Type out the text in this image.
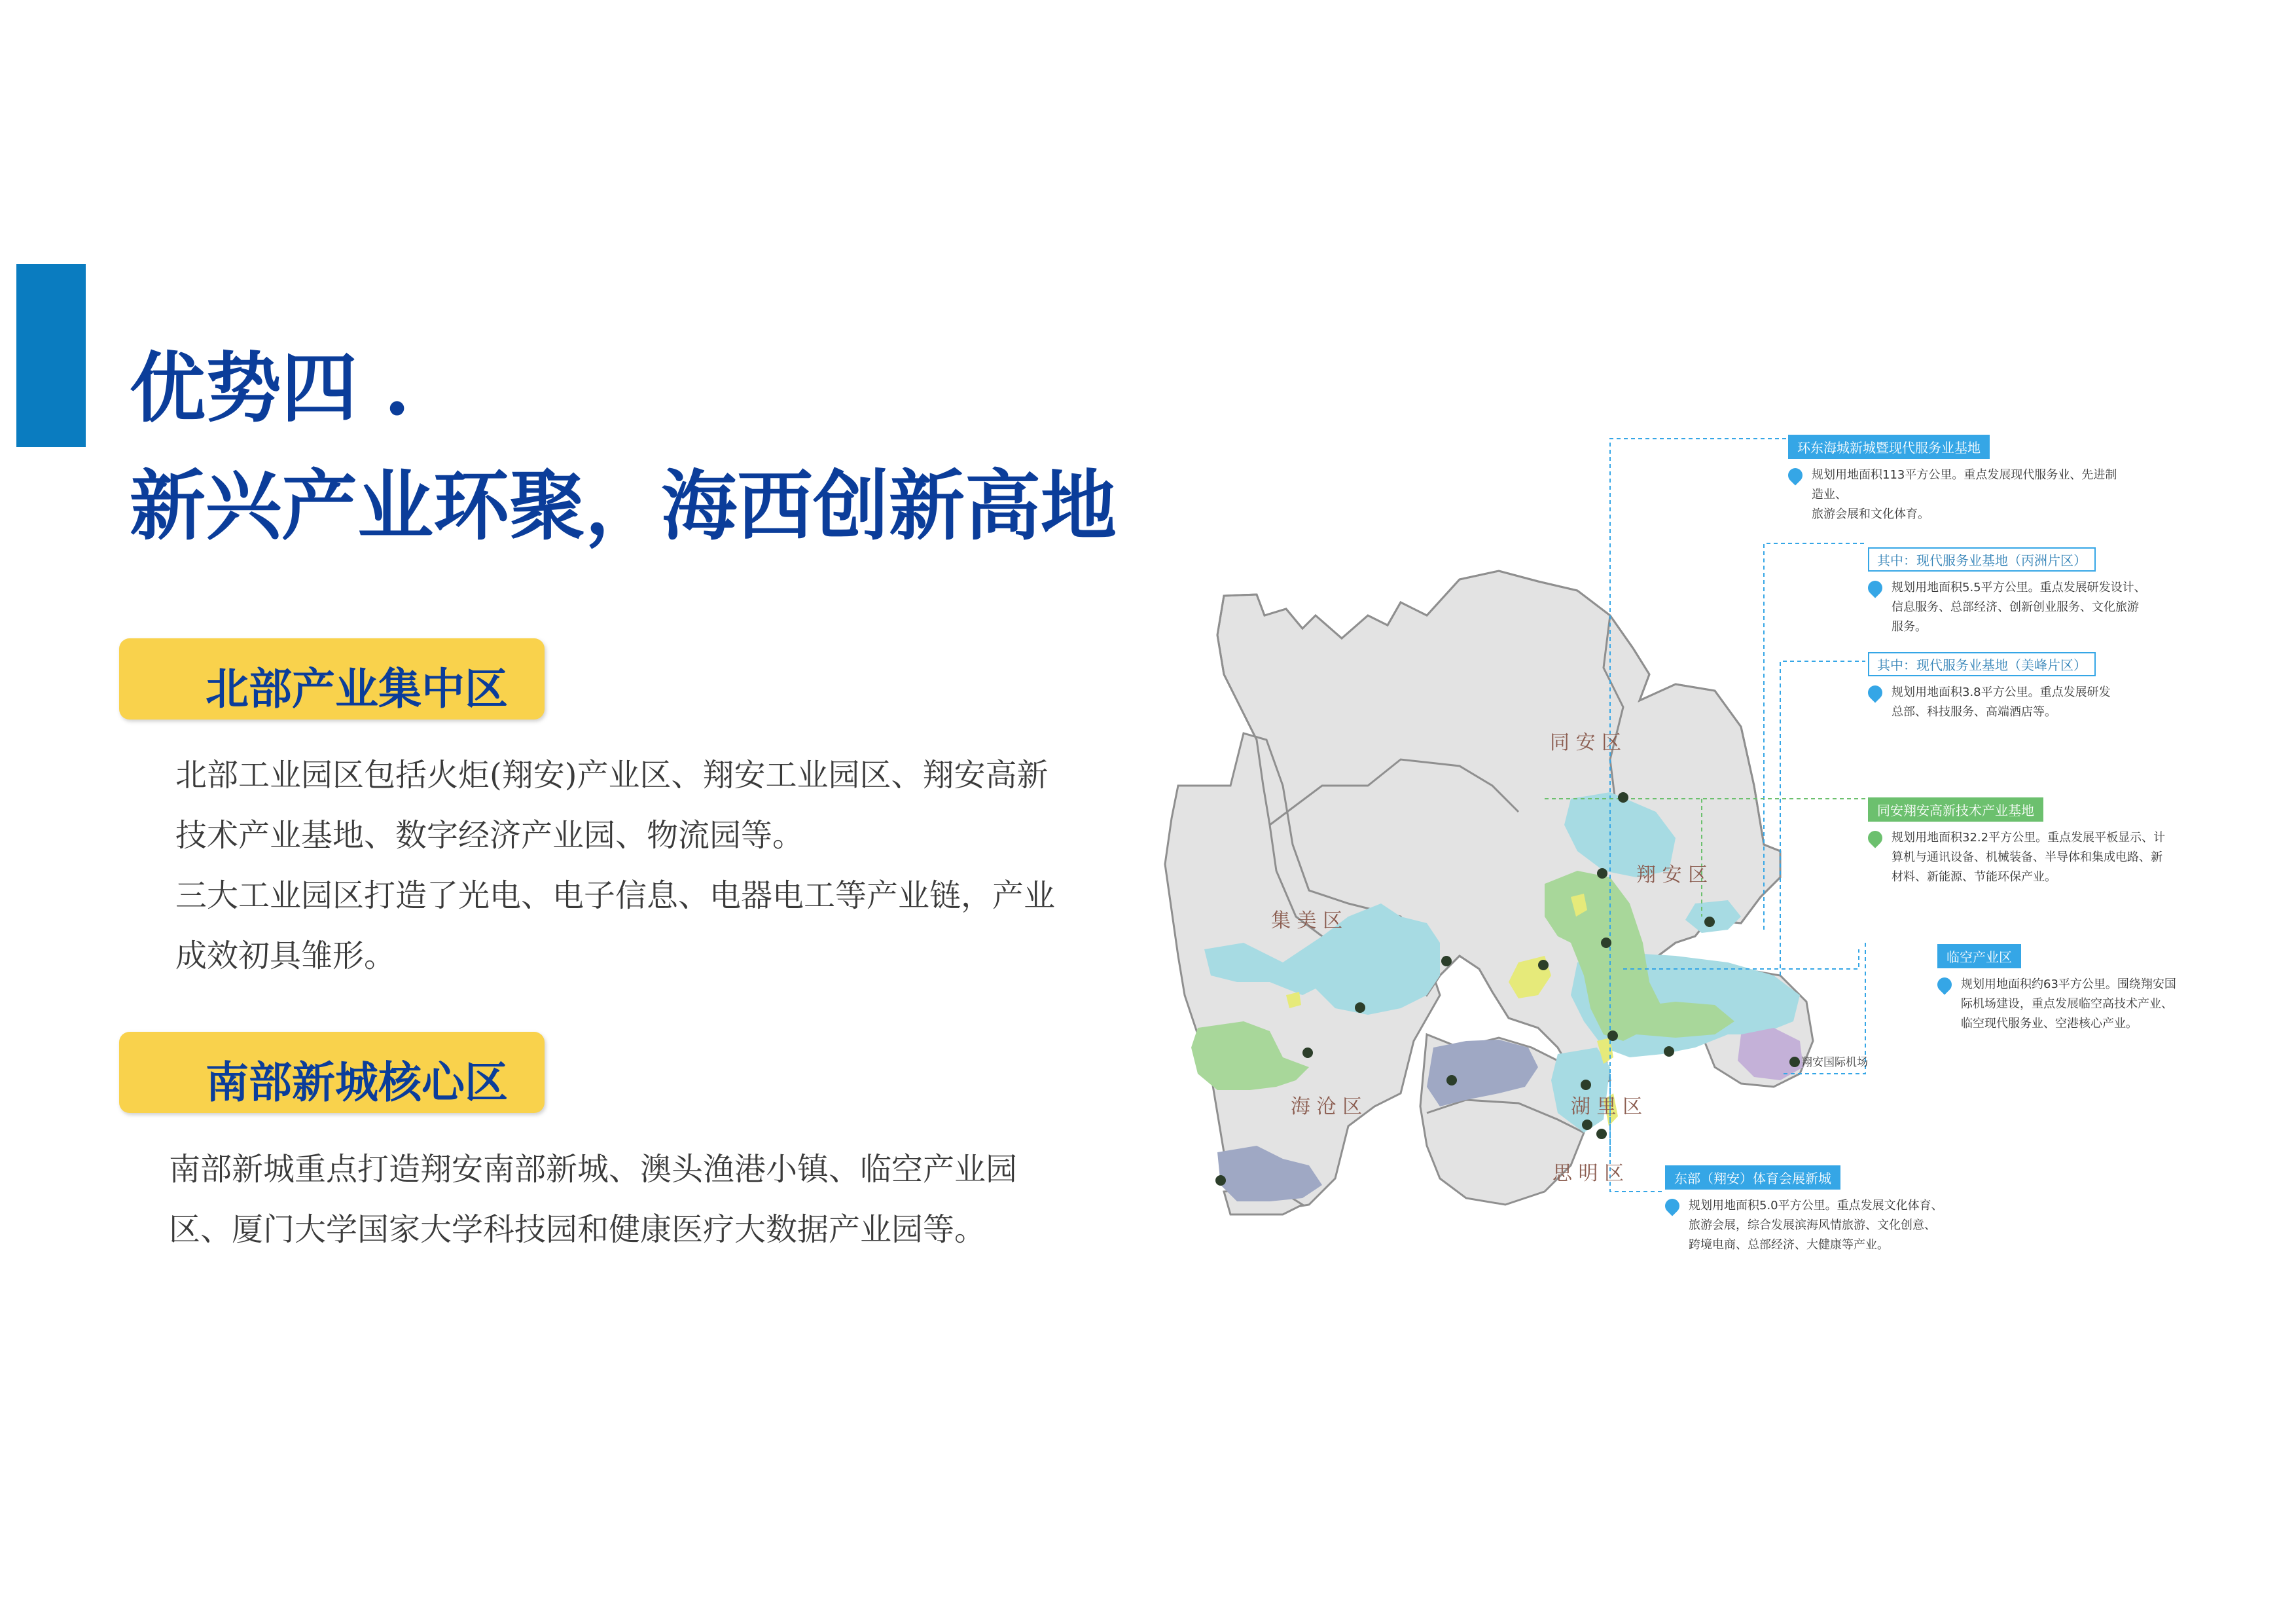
优势四 .
新兴产业环聚，海西创新高地
北部产业集中区
北部工业园区包括火炬(翔安)产业区、翔安工业园区、翔安高新
技术产业基地、数字经济产业园、物流园等。
三大工业园区打造了光电、电子信息、电器电工等产业链，产业
成效初具雏形。
南部新城核心区
南部新城重点打造翔安南部新城、澳头渔港小镇、临空产业园
区、厦门大学国家大学科技园和健康医疗大数据产业园等。
同 安 区
翔 安 区
集 美 区
海 沧 区	湖 里 区
思 明 区
翔安国际机场
环东海城新城暨现代服务业基地
规划用地面积113平方公里。重点发展现代服务业、先进制造业、
旅游会展和文化体育。
其中：现代服务业基地（丙洲片区）
规划用地面积5.5平方公里。重点发展研发设计、
信息服务、总部经济、创新创业服务、文化旅游
服务。
其中：现代服务业基地（美峰片区）
规划用地面积3.8平方公里。重点发展研发
总部、科技服务、高端酒店等。
同安翔安高新技术产业基地
规划用地面积32.2平方公里。重点发展平板显示、计
算机与通讯设备、机械装备、半导体和集成电路、新
材料、新能源、节能环保产业。
临空产业区
规划用地面积约63平方公里。围绕翔安国
际机场建设，重点发展临空高技术产业、
临空现代服务业、空港核心产业。
东部（翔安）体育会展新城
规划用地面积5.0平方公里。重点发展文化体育、
旅游会展，综合发展滨海风情旅游、文化创意、
跨境电商、总部经济、大健康等产业。
